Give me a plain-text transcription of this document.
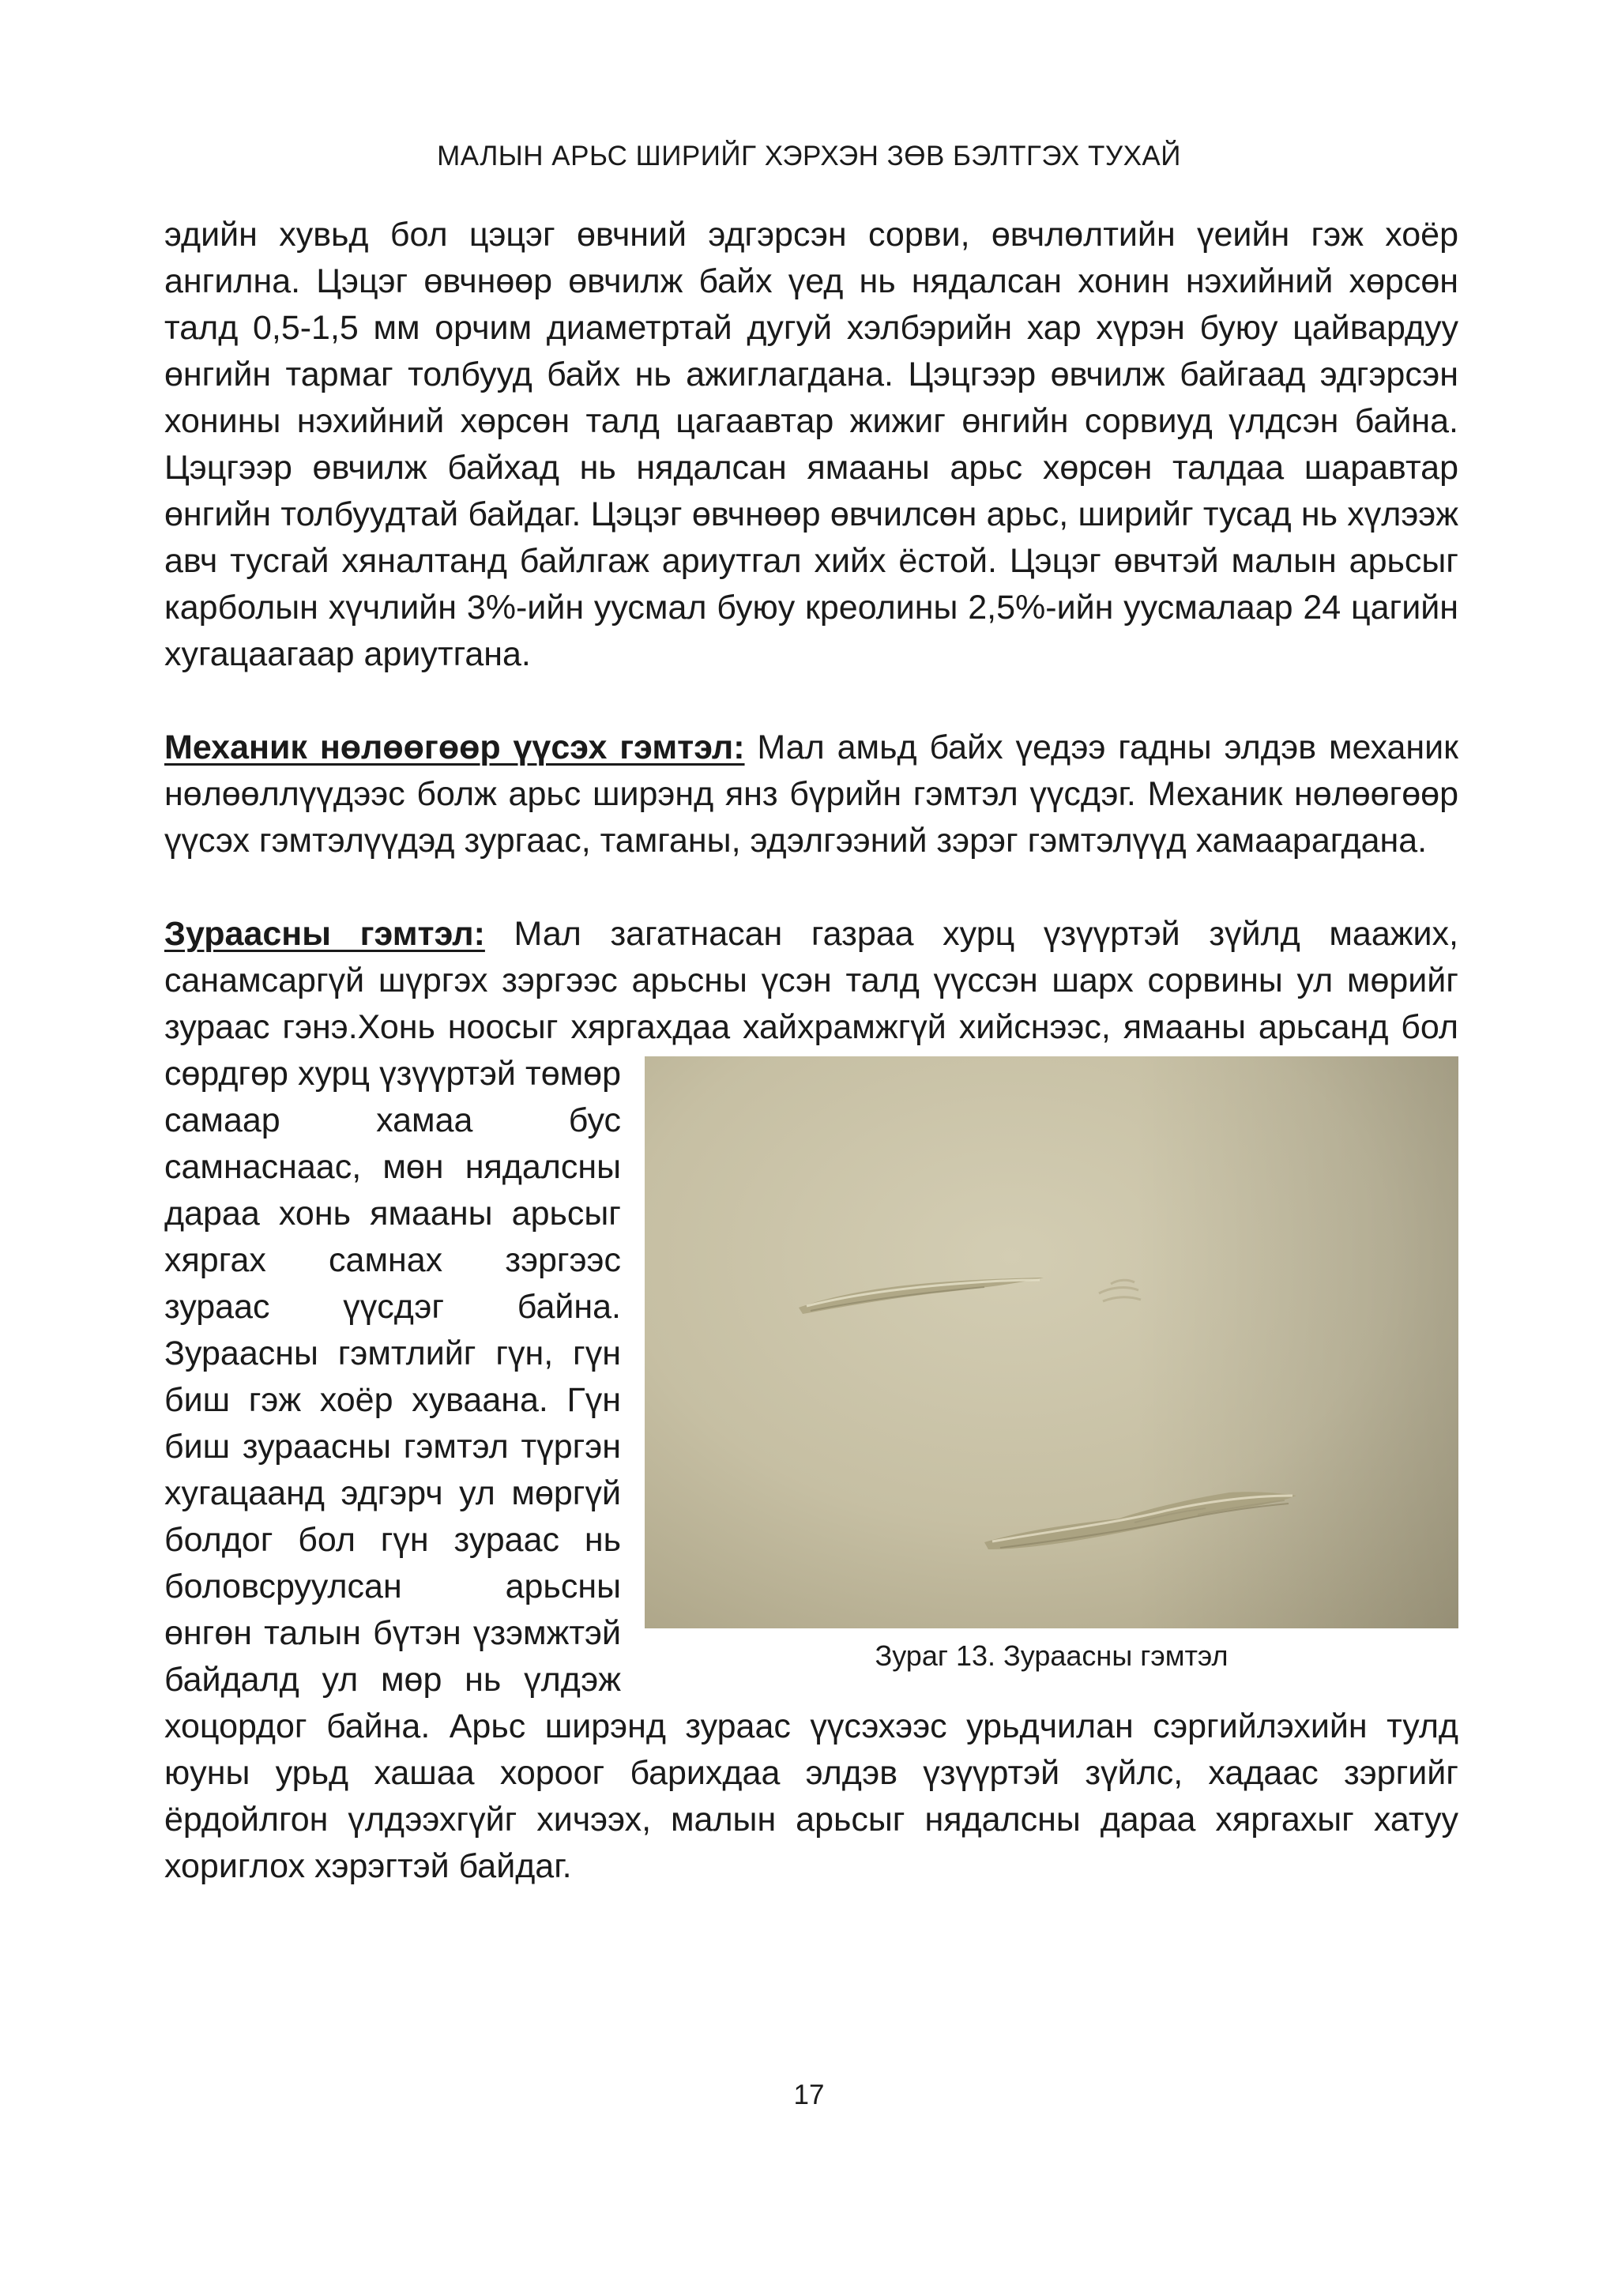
МАЛЫН АРЬС ШИРИЙГ ХЭРХЭН ЗӨВ БЭЛТГЭХ ТУХАЙ

эдийн хувьд бол цэцэг өвчний эдгэрсэн сорви, өвчлөлтийн үеийн гэж хоёр ангилна. Цэцэг өвчнөөр өвчилж байх үед нь нядалсан хонин нэхийний хөрсөн талд 0,5-1,5 мм орчим диаметртай дугуй хэлбэрийн хар хүрэн буюу цайвардуу өнгийн тармаг толбууд байх нь ажиглагдана. Цэцгээр өвчилж байгаад эдгэрсэн хонины нэхийний хөрсөн талд цагаавтар жижиг өнгийн сорвиуд үлдсэн байна. Цэцгээр өвчилж байхад нь нядалсан ямааны арьс хөрсөн талдаа шаравтар өнгийн толбуудтай байдаг. Цэцэг өвчнөөр өвчилсөн арьс, ширийг тусад нь хүлээж авч тусгай хяналтанд байлгаж ариутгал хийх ёстой. Цэцэг өвчтэй малын арьсыг карболын хүчлийн 3%-ийн уусмал буюу креолины 2,5%-ийн уусмалаар 24 цагийн хугацаагаар ариутгана.

Механик нөлөөгөөр үүсэх гэмтэл: Мал амьд байх үедээ гадны элдэв механик нөлөөллүүдээс болж арьс ширэнд янз бүрийн гэмтэл үүсдэг. Механик нөлөөгөөр үүсэх гэмтэлүүдэд зургаас, тамганы, эдэлгээний зэрэг гэмтэлүүд хамаарагдана.

Зураасны гэмтэл: Мал загатнасан газраа хурц үзүүртэй зүйлд маажих, санамсаргүй шүргэх зэргээс арьсны үсэн талд үүссэн шарх сорвины ул мөрийг зураас гэнэ.Хонь ноосыг хяргахдаа хайхрамжгүй хийснээс,
Зураг 13. Зураасны гэмтэл
ямааны арьсанд бол сөрдгөр хурц үзүүртэй төмөр самаар хамаа бус самнаснаас, мөн нядалсны дараа хонь ямааны арьсыг хяргах самнах зэргээс зураас үүсдэг байна. Зураасны гэмтлийг гүн, гүн биш гэж хоёр хуваана. Гүн биш зураасны гэмтэл түргэн хугацаанд эдгэрч ул мөргүй болдог бол гүн зураас нь боловсруулсан арьсны өнгөн талын бүтэн үзэмжтэй байдалд ул мөр нь үлдэж хоцордог байна. Арьс ширэнд зураас үүсэхээс урьдчилан сэргийлэхийн тулд юуны урьд хашаа хороог барихдаа элдэв үзүүртэй зүйлс, хадаас зэргийг ёрдойлгон үлдээхгүйг хичээх, малын арьсыг нядалсны дараа хяргахыг хатуу хориглох хэрэгтэй байдаг.

17
